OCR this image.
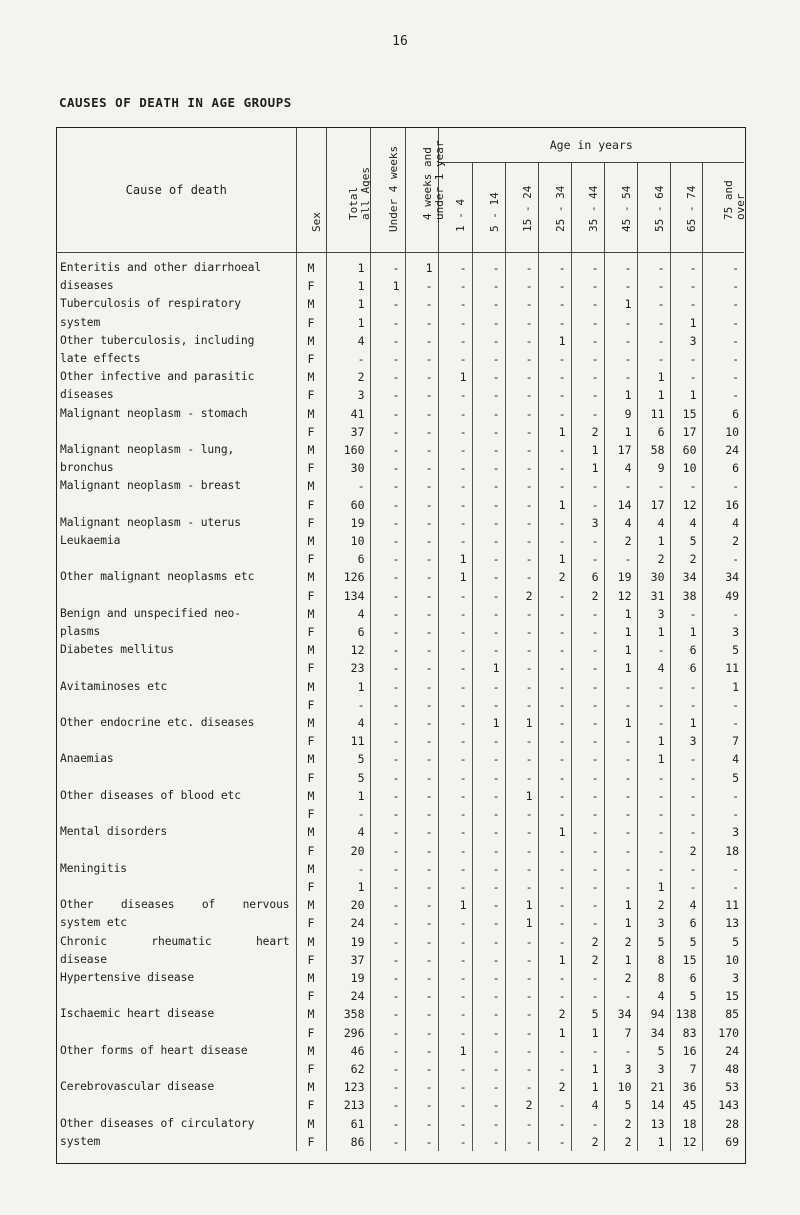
16
CAUSES OF DEATH IN AGE GROUPS
Cause of death	Sex	Total all Ages	Under 4 weeks	4 weeks and under 1 year	Age in years								

					1 - 4	5 - 14	15 - 24	25 - 34	35 - 44	45 - 54	55 - 64	65 - 74	75 and over

Enteritis and other diarrhoeal	M	1	-	1	-	-	-	-	-	-	-	-	-
diseases	F	1	1	-	-	-	-	-	-	-	-	-	-
Tuberculosis of respiratory	M	1	-	-	-	-	-	-	-	1	-	-	-
system	F	1	-	-	-	-	-	-	-	-	-	1	-
Other tuberculosis, including	M	4	-	-	-	-	-	1	-	-	-	3	-
late effects	F	-	-	-	-	-	-	-	-	-	-	-	-
Other infective and parasitic	M	2	-	-	1	-	-	-	-	-	1	-	-
diseases	F	3	-	-	-	-	-	-	-	1	1	1	-
Malignant neoplasm - stomach	M	41	-	-	-	-	-	-	-	9	11	15	6
	F	37	-	-	-	-	-	1	2	1	6	17	10
Malignant neoplasm - lung,	M	160	-	-	-	-	-	-	1	17	58	60	24
bronchus	F	30	-	-	-	-	-	-	1	4	9	10	6
Malignant neoplasm - breast	M	-	-	-	-	-	-	-	-	-	-	-	-
	F	60	-	-	-	-	-	1	-	14	17	12	16
Malignant neoplasm - uterus	F	19	-	-	-	-	-	-	3	4	4	4	4
Leukaemia	M	10	-	-	-	-	-	-	-	2	1	5	2
	F	6	-	-	1	-	-	1	-	-	2	2	-
Other malignant neoplasms etc	M	126	-	-	1	-	-	2	6	19	30	34	34
	F	134	-	-	-	-	2	-	2	12	31	38	49
Benign and unspecified neo-	M	4	-	-	-	-	-	-	-	1	3	-	-
plasms	F	6	-	-	-	-	-	-	-	1	1	1	3
Diabetes mellitus	M	12	-	-	-	-	-	-	-	1	-	6	5
	F	23	-	-	-	1	-	-	-	1	4	6	11
Avitaminoses etc	M	1	-	-	-	-	-	-	-	-	-	-	1
	F	-	-	-	-	-	-	-	-	-	-	-	-
Other endocrine etc. diseases	M	4	-	-	-	1	1	-	-	1	-	1	-
	F	11	-	-	-	-	-	-	-	-	1	3	7
Anaemias	M	5	-	-	-	-	-	-	-	-	1	-	4
	F	5	-	-	-	-	-	-	-	-	-	-	5
Other diseases of blood etc	M	1	-	-	-	-	1	-	-	-	-	-	-
	F	-	-	-	-	-	-	-	-	-	-	-	-
Mental disorders	M	4	-	-	-	-	-	1	-	-	-	-	3
	F	20	-	-	-	-	-	-	-	-	-	2	18
Meningitis	M	-	-	-	-	-	-	-	-	-	-	-	-
	F	1	-	-	-	-	-	-	-	-	1	-	-

Other diseases of nervous	M	20	-	-	1	-	1	-	-	1	2	4	11
system etc	F	24	-	-	-	-	1	-	-	1	3	6	13

Chronic rheumatic heart	M	19	-	-	-	-	-	-	2	2	5	5	5
disease	F	37	-	-	-	-	-	1	2	1	8	15	10
Hypertensive disease	M	19	-	-	-	-	-	-	-	2	8	6	3
	F	24	-	-	-	-	-	-	-	-	4	5	15
Ischaemic heart disease	M	358	-	-	-	-	-	2	5	34	94	138	85
	F	296	-	-	-	-	-	1	1	7	34	83	170
Other forms of heart disease	M	46	-	-	1	-	-	-	-	-	5	16	24
	F	62	-	-	-	-	-	-	1	3	3	7	48
Cerebrovascular disease	M	123	-	-	-	-	-	2	1	10	21	36	53
	F	213	-	-	-	-	2	-	4	5	14	45	143
Other diseases of circulatory	M	61	-	-	-	-	-	-	-	2	13	18	28
system	F	86	-	-	-	-	-	-	2	2	1	12	69
